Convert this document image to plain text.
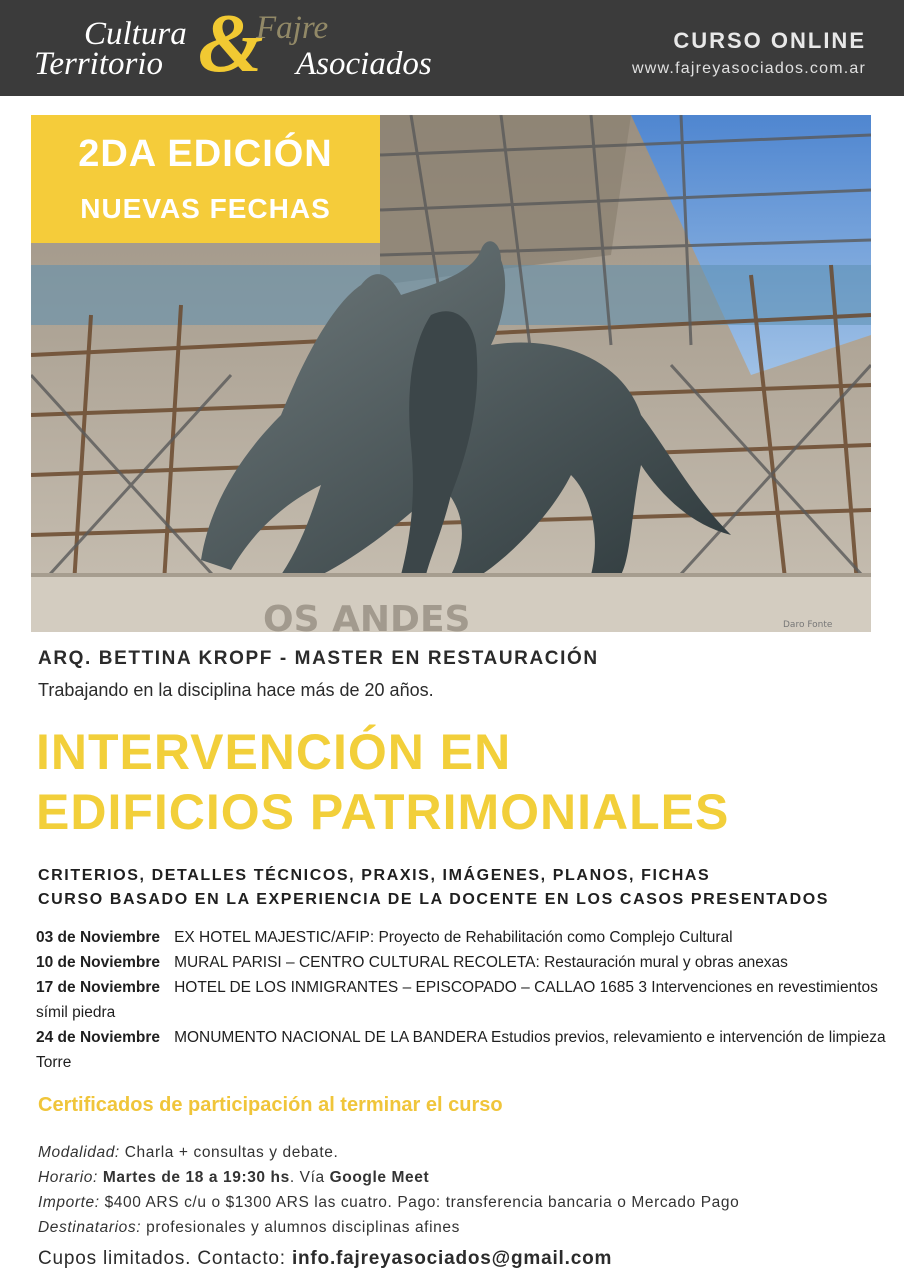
Cultura Fajre
Territorio	Asociados
&	CURSO ONLINE
www.fajreyasociados.com.ar
OS ANDES	Daro Fonte
2DA EDICIÓN
NUEVAS FECHAS
ARQ. BETTINA KROPF - MASTER EN RESTAURACIÓN
Trabajando en la disciplina hace más de 20 años.
INTERVENCIÓN EN
EDIFICIOS PATRIMONIALES
CRITERIOS, DETALLES TÉCNICOS, PRAXIS, IMÁGENES, PLANOS, FICHAS
CURSO BASADO EN LA EXPERIENCIA DE LA DOCENTE EN LOS CASOS PRESENTADOS
03 de Noviembre EX HOTEL MAJESTIC/AFIP: Proyecto de Rehabilitación como Complejo Cultural
10 de Noviembre MURAL PARISI – CENTRO CULTURAL RECOLETA: Restauración mural y obras anexas
17 de Noviembre HOTEL DE LOS INMIGRANTES – EPISCOPADO – CALLAO 1685 3 Intervenciones en revestimientos símil piedra
24 de Noviembre MONUMENTO NACIONAL DE LA BANDERA Estudios previos, relevamiento e intervención de limpieza Torre
Certificados de participación al terminar el curso
Modalidad: Charla + consultas y debate.
Horario: Martes de 18 a 19:30 hs. Vía Google Meet
Importe: $400 ARS c/u o $1300 ARS las cuatro. Pago: transferencia bancaria o Mercado Pago
Destinatarios: profesionales y alumnos disciplinas afines
Cupos limitados. Contacto: info.fajreyasociados@gmail.com
